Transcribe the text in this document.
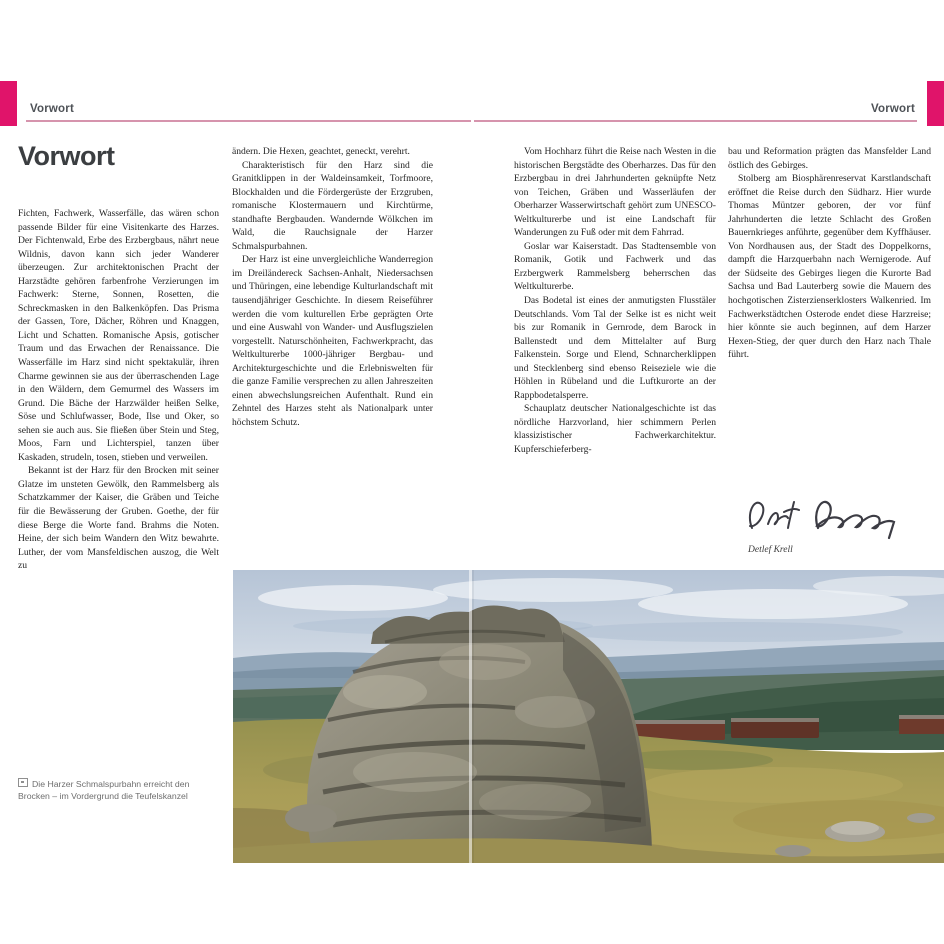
Vorwort	Vorwort
Vorwort

Fichten, Fachwerk, Wasserfälle, das wären schon passende Bilder für eine Visitenkarte des Harzes. Der Fichtenwald, Erbe des Erzbergbaus, nährt neue Wildnis, davon kann sich jeder Wanderer überzeugen. Zur architektonischen Pracht der Harzstädte gehören farbenfrohe Verzierungen im Fachwerk: Sterne, Sonnen, Rosetten, die Schreckmasken in den Balkenköpfen. Das Prisma der Gassen, Tore, Dächer, Röhren und Knaggen, Licht und Schatten. Romanische Apsis, gotischer Traum und das Erwachen der Renaissance. Die Wasserfälle im Harz sind nicht spektakulär, ihren Charme gewinnen sie aus der überraschenden Lage in den Wäldern, dem Gemurmel des Wassers im Grund. Die Bäche der Harzwälder heißen Selke, Söse und Schlufwasser, Bode, Ilse und Oker, so sehen sie auch aus. Sie fließen über Stein und Steg, Moos, Farn und Lichterspiel, tanzen über Kaskaden, strudeln, tosen, stieben und verweilen.

Bekannt ist der Harz für den Brocken mit seiner Glatze im unsteten Gewölk, den Rammelsberg als Schatzkammer der Kaiser, die Gräben und Teiche für die Bewässerung der Gruben. Goethe, der für diese Berge die Worte fand. Brahms die Noten. Heine, der sich beim Wandern den Witz bewahrte. Luther, der vom Mansfeldischen auszog, die Welt zu

ändern. Die Hexen, geachtet, geneckt, verehrt.

Charakteristisch für den Harz sind die Granitklippen in der Waldeinsamkeit, Torfmoore, Blockhalden und die Fördergerüste der Erzgruben, romanische Klostermauern und Kirchtürme, standhafte Bergbauden. Wandernde Wölkchen im Wald, die Rauchsignale der Harzer Schmalspurbahnen.

Der Harz ist eine unvergleichliche Wanderregion im Dreiländereck Sachsen-Anhalt, Niedersachsen und Thüringen, eine lebendige Kulturlandschaft mit tausendjähriger Geschichte. In diesem Reiseführer werden die vom kulturellen Erbe geprägten Orte und eine Auswahl von Wander- und Ausflugszielen vorgestellt. Naturschönheiten, Fachwerkpracht, das Weltkulturerbe 1000-jähriger Bergbau- und Architekturgeschichte und die Erlebniswelten für die ganze Familie versprechen zu allen Jahreszeiten einen abwechslungsreichen Aufenthalt. Rund ein Zehntel des Harzes steht als Nationalpark unter höchstem Schutz.

Vom Hochharz führt die Reise nach Westen in die historischen Bergstädte des Oberharzes. Das für den Erzbergbau in drei Jahrhunderten geknüpfte Netz von Teichen, Gräben und Wasserläufen der Oberharzer Wasserwirtschaft gehört zum UNESCO-Weltkulturerbe und ist eine Landschaft für Wanderungen zu Fuß oder mit dem Fahrrad.

Goslar war Kaiserstadt. Das Stadtensemble von Romanik, Gotik und Fachwerk und das Erzbergwerk Rammelsberg beherrschen das Weltkulturerbe.

Das Bodetal ist eines der anmutigsten Flusstäler Deutschlands. Vom Tal der Selke ist es nicht weit bis zur Romanik in Gernrode, dem Barock in Ballenstedt und dem Mittelalter auf Burg Falkenstein. Sorge und Elend, Schnarcherklippen und Stecklenberg sind ebenso Reiseziele wie die Höhlen in Rübeland und die Luftkurorte an der Rappbodetalsperre.

Schauplatz deutscher Nationalgeschichte ist das nördliche Harzvorland, hier schimmern Perlen klassizistischer Fachwerkarchitektur. Kupferschieferberg-

bau und Reformation prägten das Mansfelder Land östlich des Gebirges.

Stolberg am Biosphärenreservat Karstlandschaft eröffnet die Reise durch den Südharz. Hier wurde Thomas Müntzer geboren, der vor fünf Jahrhunderten die letzte Schlacht des Großen Bauernkrieges anführte, gegenüber dem Kyffhäuser. Von Nordhausen aus, der Stadt des Doppelkorns, dampft die Harzquerbahn nach Wernigerode. Auf der Südseite des Gebirges liegen die Kurorte Bad Sachsa und Bad Lauterberg sowie die Mauern des hochgotischen Zisterzienserklosters Walkenried. Im Fachwerkstädtchen Osterode endet diese Harzreise; hier könnte sie auch beginnen, auf dem Harzer Hexen-Stieg, der quer durch den Harz nach Thale führt.

Die Harzer Schmalspurbahn erreicht den Brocken – im Vordergrund die Teufelskanzel
Detlef Krell
